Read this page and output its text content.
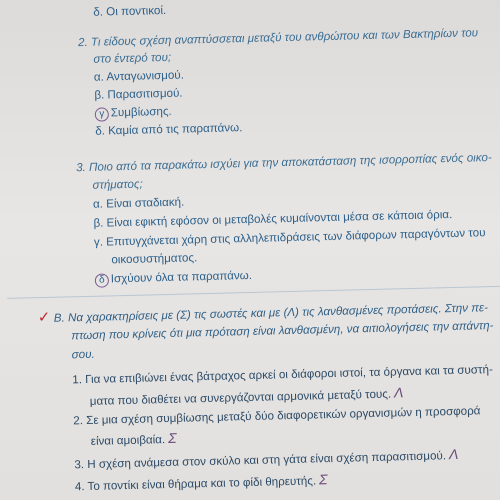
δ. Οι ποντικοί.
2. Τι είδους σχέση αναπτύσσεται μεταξύ του ανθρώπου και των Βακτηρίων του
στο έντερό του;
α. Ανταγωνισμού.
β. Παρασιτισμού.
γ Συμβίωσης.
δ. Καμία από τις παραπάνω.
3. Ποιο από τα παρακάτω ισχύει για την αποκατάσταση της ισορροπίας ενός οικο-
στήματος;
α. Είναι σταδιακή.
β. Είναι εφικτή εφόσον οι μεταβολές κυμαίνονται μέσα σε κάποια όρια.
γ. Επιτυγχάνεται χάρη στις αλληλεπιδράσεις των διάφορων παραγόντων του
οικοσυστήματος.
δ Ισχύουν όλα τα παραπάνω.
✓ B. Να χαρακτηρίσεις με (Σ) τις σωστές και με (Λ) τις λανθασμένες προτάσεις. Στην πε-
πτωση που κρίνεις ότι μια πρόταση είναι λανθασμένη, να αιτιολογήσεις την απάντη-
σου.
1. Για να επιβιώνει ένας βάτραχος αρκεί οι διάφοροι ιστοί, τα όργανα και τα συστή-
ματα που διαθέτει να συνεργάζονται αρμονικά μεταξύ τους. Λ
2. Σε μια σχέση συμβίωσης μεταξύ δύο διαφορετικών οργανισμών η προσφορά
είναι αμοιβαία. Σ
3. Η σχέση ανάμεσα στον σκύλο και στη γάτα είναι σχέση παρασιτισμού. Λ
4. Το ποντίκι είναι θήραμα και το φίδι θηρευτής. Σ
